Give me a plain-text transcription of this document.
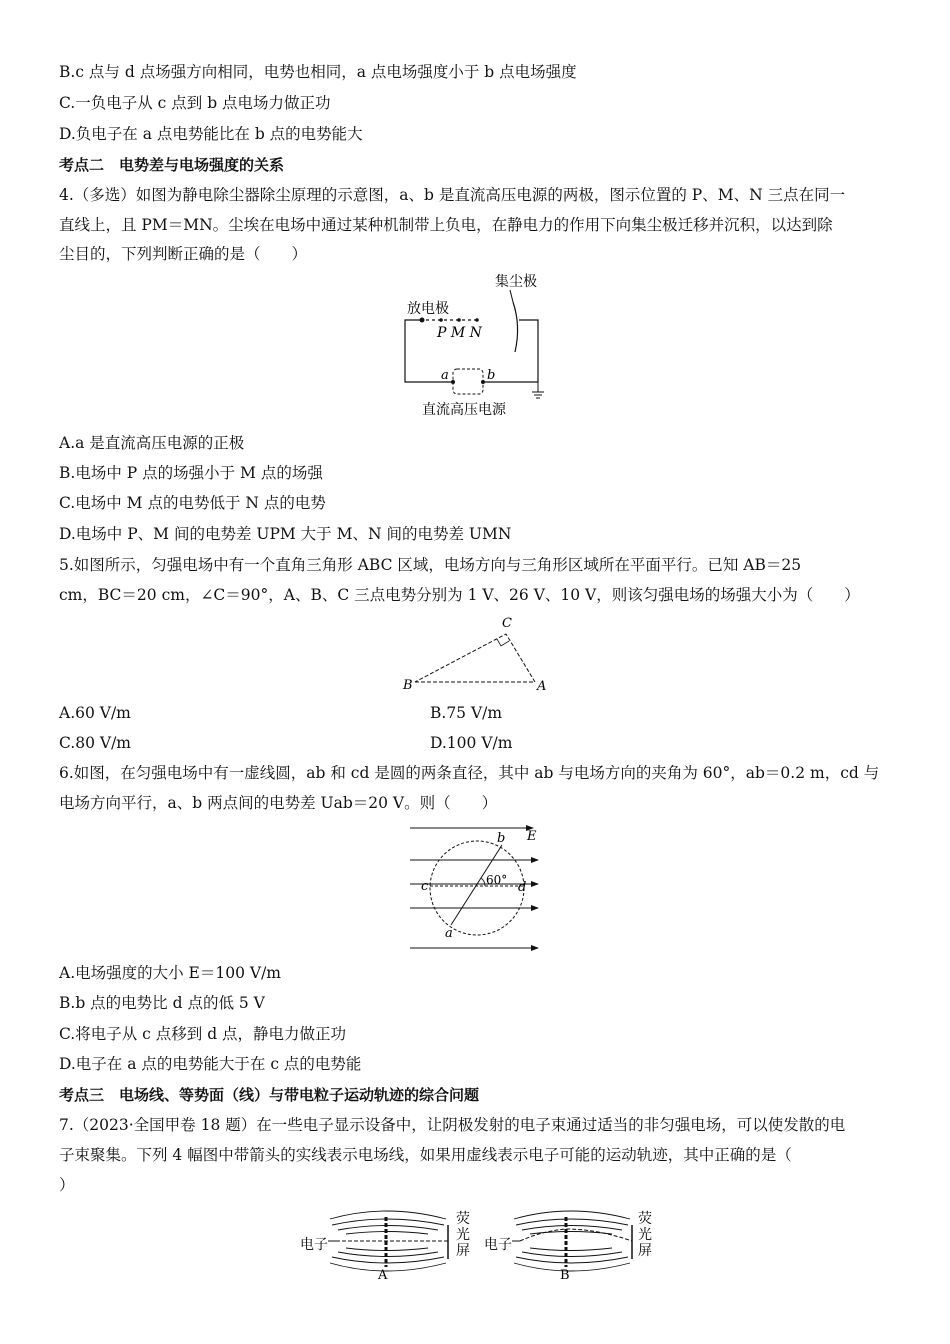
B.c 点与 d 点场强方向相同，电势也相同，a 点电场强度小于 b 点电场强度
C.一负电子从 c 点到 b 点电场力做正功
D.负电子在 a 点电势能比在 b 点的电势能大
考点二　电势差与电场强度的关系
4.（多选）如图为静电除尘器除尘原理的示意图，a、b 是直流高压电源的两极，图示位置的 P、M、N 三点在同一
直线上，且 PM＝MN。尘埃在电场中通过某种机制带上负电，在静电力的作用下向集尘极迁移并沉积，以达到除
尘目的，下列判断正确的是（　　）
集尘极
放电极
P M N
a	b
直流高压电源
A.a 是直流高压电源的正极
B.电场中 P 点的场强小于 M 点的场强
C.电场中 M 点的电势低于 N 点的电势
D.电场中 P、M 间的电势差 UPM 大于 M、N 间的电势差 UMN
5.如图所示，匀强电场中有一个直角三角形 ABC 区域，电场方向与三角形区域所在平面平行。已知 AB＝25
cm，BC＝20 cm，∠C＝90°，A、B、C 三点电势分别为 1 V、26 V、10 V，则该匀强电场的场强大小为（　　）
C
B	A
A.60 V/m	B.75 V/m
C.80 V/m	D.100 V/m
6.如图，在匀强电场中有一虚线圆，ab 和 cd 是圆的两条直径，其中 ab 与电场方向的夹角为 60°，ab＝0.2 m，cd 与
电场方向平行，a、b 两点间的电势差 Uab＝20 V。则（　　）
E
60°
b
c	d
a
A.电场强度的大小 E＝100 V/m
B.b 点的电势比 d 点的低 5 V
C.将电子从 c 点移到 d 点，静电力做正功
D.电子在 a 点的电势能大于在 c 点的电势能
考点三　电场线、等势面（线）与带电粒子运动轨迹的综合问题
7.（2023·全国甲卷 18 题）在一些电子显示设备中，让阴极发射的电子束通过适当的非匀强电场，可以使发散的电
子束聚集。下列 4 幅图中带箭头的实线表示电场线，如果用虚线表示电子可能的运动轨迹，其中正确的是（
）
电子
荧
光
屏
A
电子
荧
光
屏
B
